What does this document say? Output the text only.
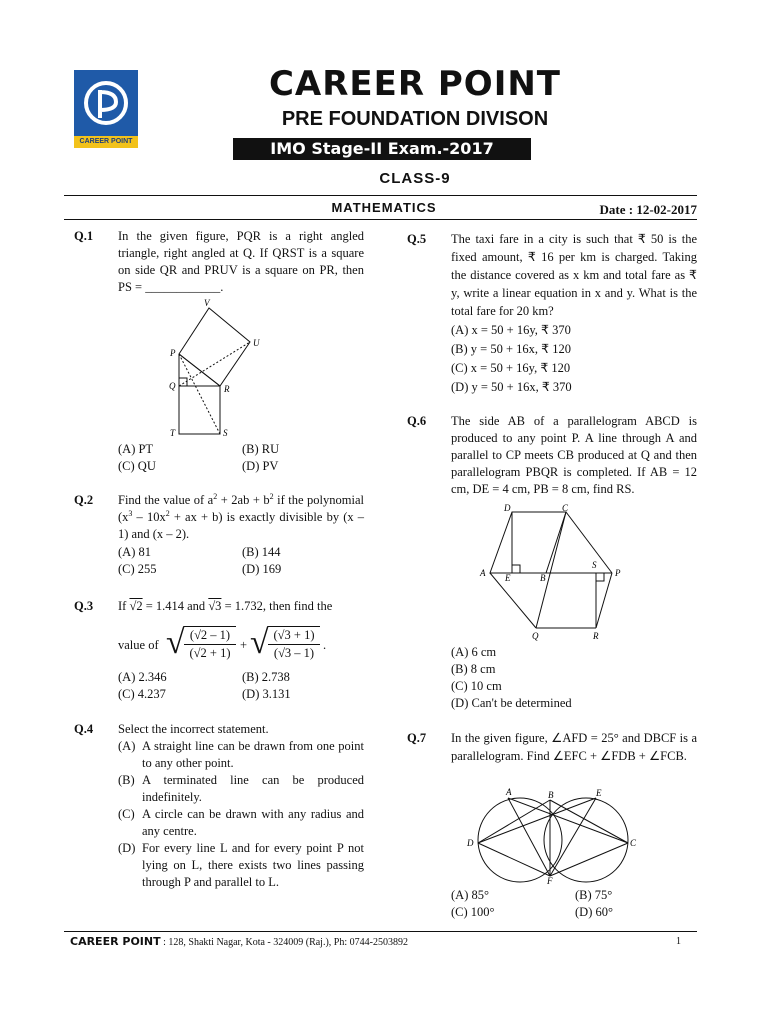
CAREER POINT
CAREER POINT
PRE FOUNDATION DIVISON
IMO Stage-II Exam.-2017
CLASS-9
MATHEMATICS	Date : 12-02-2017
Q.1 In the given figure, PQR is a right angled triangle, right angled at Q. If QRST is a square on side QR and PRUV is a square on PR, then PS = ____________.
V
U
P
Q	R
T	S
(A) PT	(B) RU
(C) QU	(D) PV
Q.2 Find the value of $a^2 + 2ab + b^2$ if the polynomial ($x^3 - 10x^2$ + ax + b) is exactly divisible by (x – 1) and (x – 2).
(A) 81	(B) 144
(C) 255	(D) 169
Q.3 If √2 = 1.414 and √3 = 1.732, then find the
value of √ (√2 – 1)
(√2 + 1)
+ √ (√3 + 1)
(√3 – 1)
.
(A) 2.346	(B) 2.738
(C) 4.237	(D) 3.131
Q.4 Select the incorrect statement.
(A) A straight line can be drawn from one point to any other point.
(B) A terminated line can be produced indefinitely.
(C) A circle can be drawn with any radius and any centre.
(D) For every line L and for every point P not lying on L, there exists two lines passing through P and parallel to L.
Q.5 The taxi fare in a city is such that ₹ 50 is the fixed amount, ₹ 16 per km is charged. Taking the distance covered as x km and total fare as ₹ y, write a linear equation in x and y. What is the total fare for 20 km?
(A) x = 50 + 16y, ₹ 370
(B) y = 50 + 16x, ₹ 120
(C) x = 50 + 16y, ₹ 120
(D) y = 50 + 16x, ₹ 370
Q.6 The side AB of a parallelogram ABCD is produced to any point P. A line through A and parallel to CP meets CB produced at Q and then parallelogram PBQR is completed. If AB = 12 cm, DE = 4 cm, PB = 8 cm, find RS.
D	C
A E	B
S
P
Q	R
(A) 6 cm
(B) 8 cm
(C) 10 cm
(D) Can't be determined
Q.7 In the given figure, ∠AFD = 25° and DBCF is a parallelogram. Find ∠EFC + ∠FDB + ∠FCB.
A	B	E
D	C
F
(A) 85°	(B) 75°
(C) 100°	(D) 60°
CAREER POINT : 128, Shakti Nagar, Kota - 324009 (Raj.), Ph: 0744-2503892	1
